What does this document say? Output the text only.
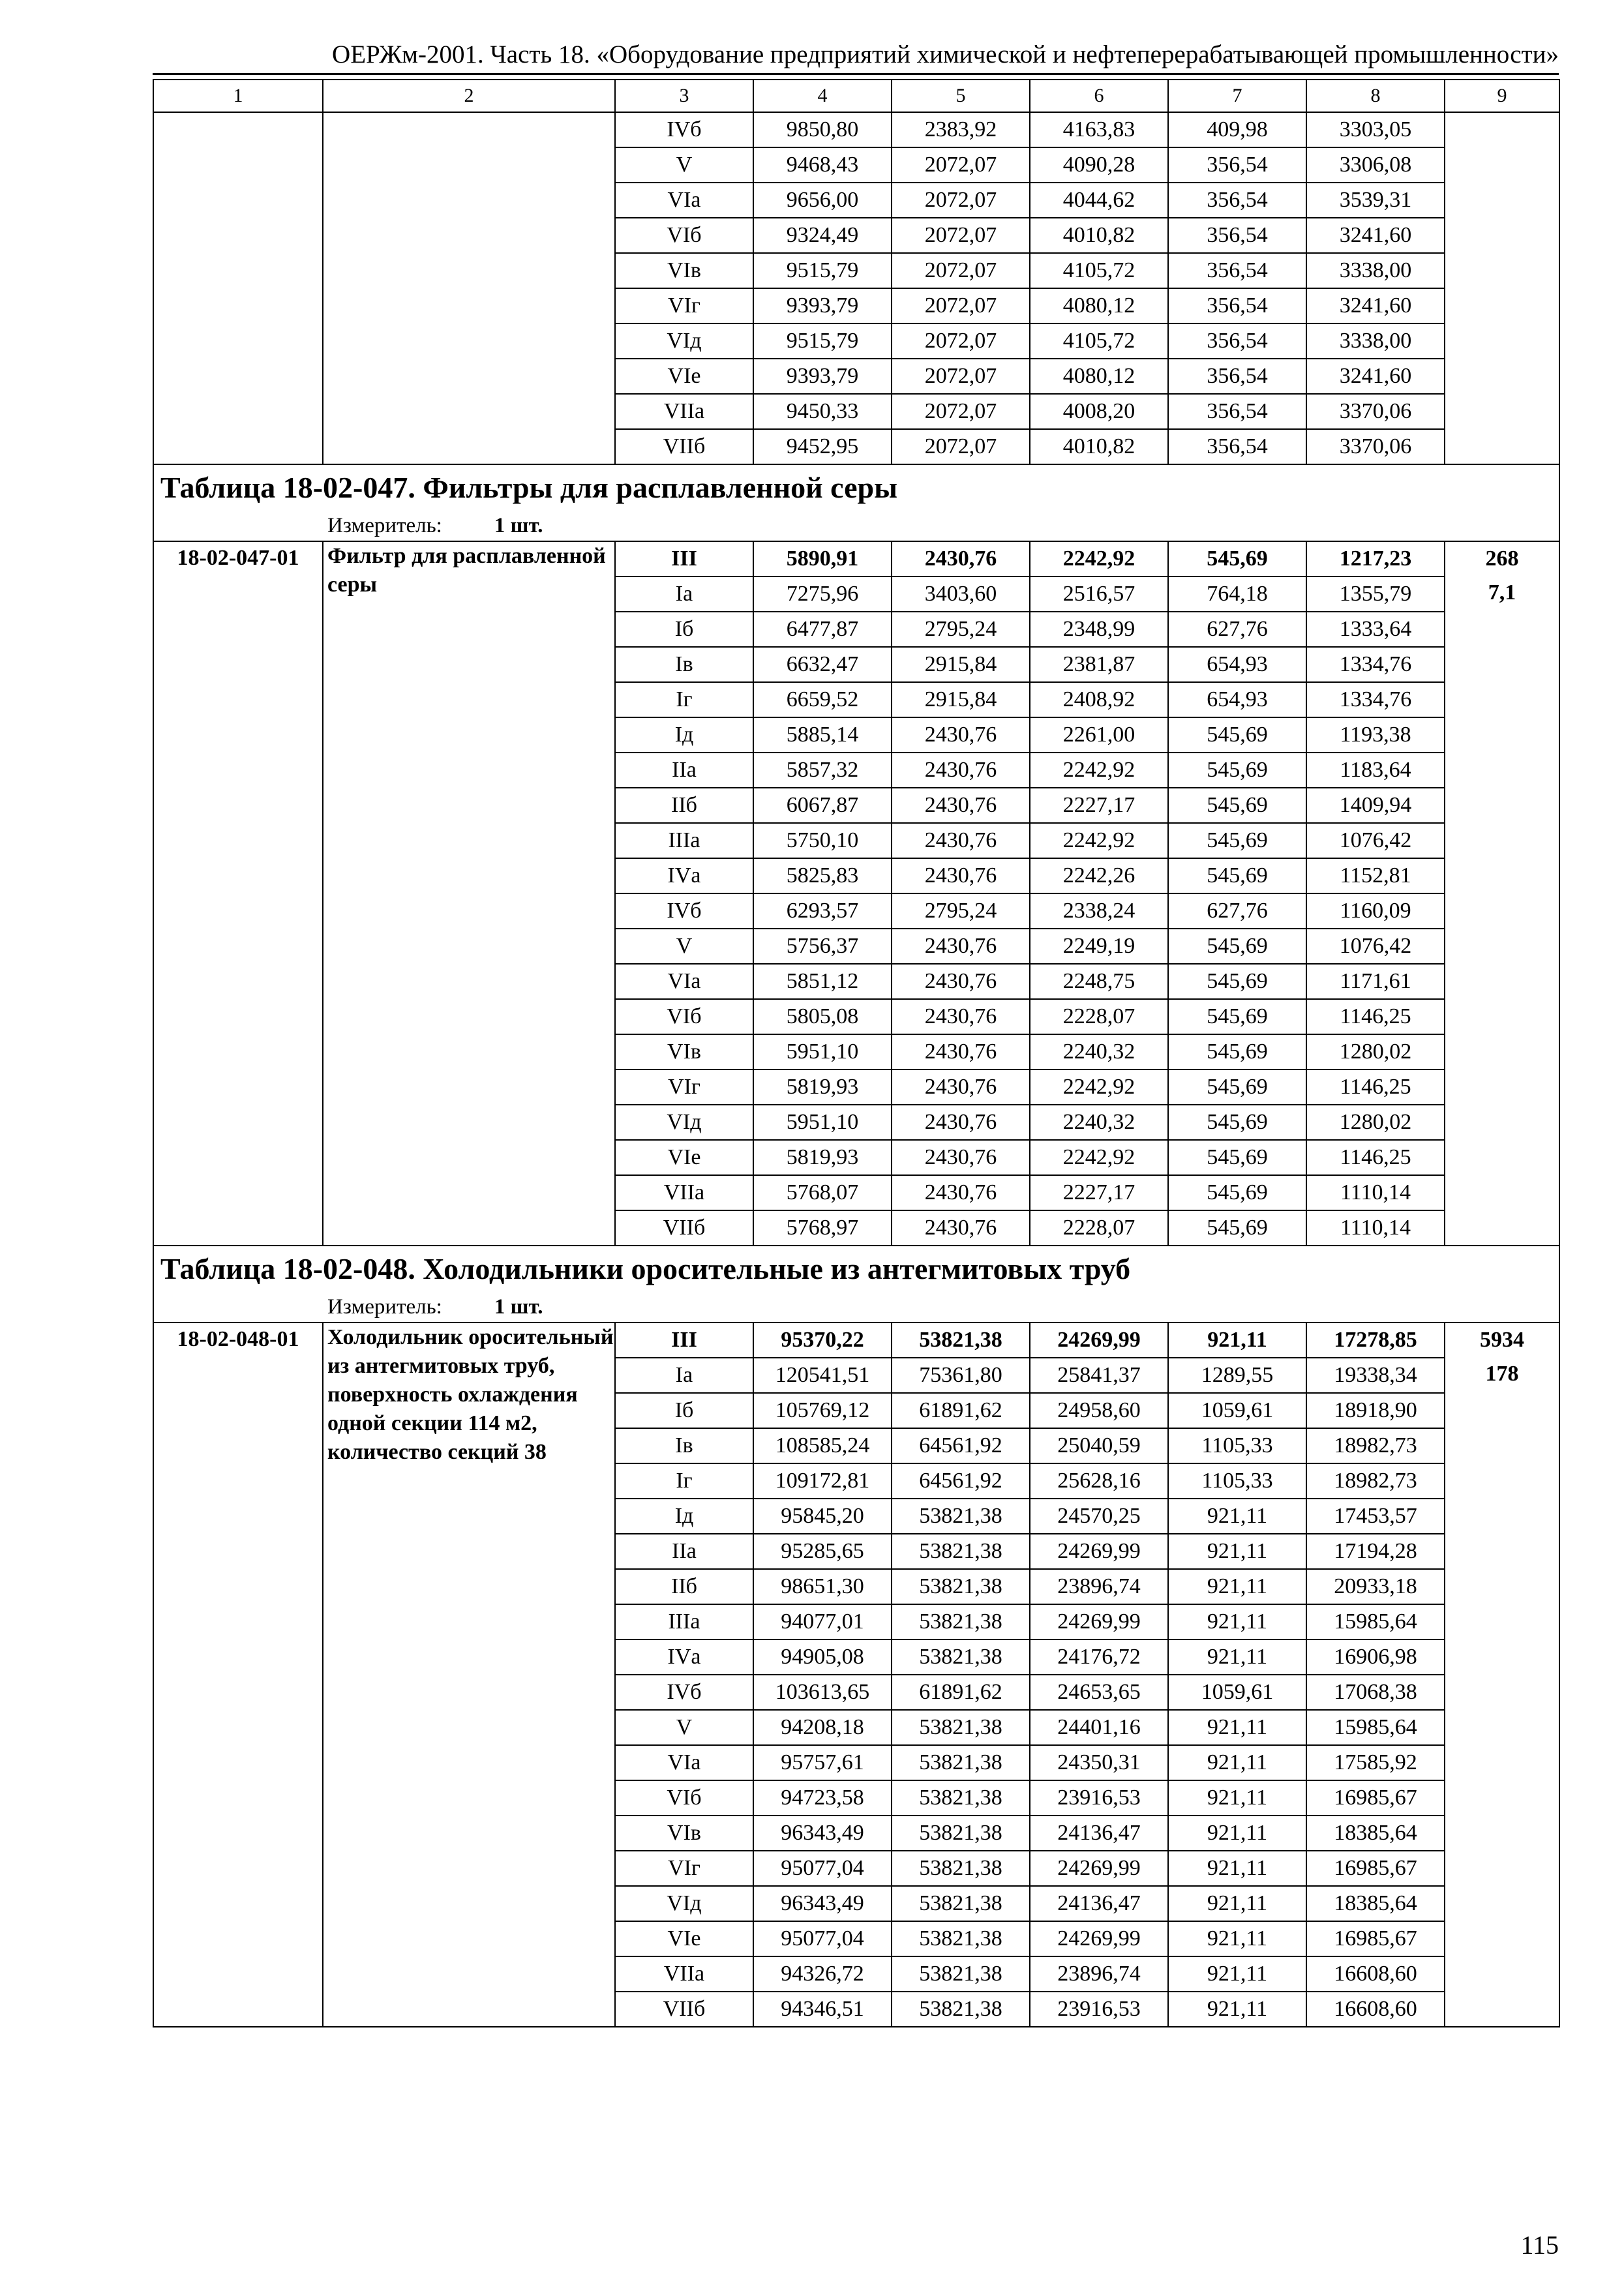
ОЕРЖм-2001. Часть 18. «Оборудование предприятий химической и нефтеперерабатывающей промышленности»
1	2	3	4	5	6	7	8	9
		IVб	9850,80	2383,92	4163,83	409,98	3303,05	
		V	9468,43	2072,07	4090,28	356,54	3306,08	
		VIа	9656,00	2072,07	4044,62	356,54	3539,31	
		VIб	9324,49	2072,07	4010,82	356,54	3241,60	
		VIв	9515,79	2072,07	4105,72	356,54	3338,00	
		VIг	9393,79	2072,07	4080,12	356,54	3241,60	
		VIд	9515,79	2072,07	4105,72	356,54	3338,00	
		VIе	9393,79	2072,07	4080,12	356,54	3241,60	
		VIIа	9450,33	2072,07	4008,20	356,54	3370,06	
		VIIб	9452,95	2072,07	4010,82	356,54	3370,06	
Таблица 18-02-047. Фильтры для расплавленной серы								
Измеритель: 1 шт.								
18-02-047-01	Фильтр для расплавленной серы	III	5890,91	2430,76	2242,92	545,69	1217,23	268
7,1

		Iа	7275,96	3403,60	2516,57	764,18	1355,79	
		Iб	6477,87	2795,24	2348,99	627,76	1333,64	
		Iв	6632,47	2915,84	2381,87	654,93	1334,76	
		Iг	6659,52	2915,84	2408,92	654,93	1334,76	
		Iд	5885,14	2430,76	2261,00	545,69	1193,38	
		IIа	5857,32	2430,76	2242,92	545,69	1183,64	
		IIб	6067,87	2430,76	2227,17	545,69	1409,94	
		IIIа	5750,10	2430,76	2242,92	545,69	1076,42	
		IVа	5825,83	2430,76	2242,26	545,69	1152,81	
		IVб	6293,57	2795,24	2338,24	627,76	1160,09	
		V	5756,37	2430,76	2249,19	545,69	1076,42	
		VIа	5851,12	2430,76	2248,75	545,69	1171,61	
		VIб	5805,08	2430,76	2228,07	545,69	1146,25	
		VIв	5951,10	2430,76	2240,32	545,69	1280,02	
		VIг	5819,93	2430,76	2242,92	545,69	1146,25	
		VIд	5951,10	2430,76	2240,32	545,69	1280,02	
		VIе	5819,93	2430,76	2242,92	545,69	1146,25	
		VIIа	5768,07	2430,76	2227,17	545,69	1110,14	
		VIIб	5768,97	2430,76	2228,07	545,69	1110,14	
Таблица 18-02-048. Холодильники оросительные из антегмитовых труб								
Измеритель: 1 шт.								
18-02-048-01	Холодильник оросительный из антегмитовых труб, поверхность охлаждения одной секции 114 м2, количество секций 38	III	95370,22	53821,38	24269,99	921,11	17278,85	5934
178

		Iа	120541,51	75361,80	25841,37	1289,55	19338,34	
		Iб	105769,12	61891,62	24958,60	1059,61	18918,90	
		Iв	108585,24	64561,92	25040,59	1105,33	18982,73	
		Iг	109172,81	64561,92	25628,16	1105,33	18982,73	
		Iд	95845,20	53821,38	24570,25	921,11	17453,57	
		IIа	95285,65	53821,38	24269,99	921,11	17194,28	
		IIб	98651,30	53821,38	23896,74	921,11	20933,18	
		IIIа	94077,01	53821,38	24269,99	921,11	15985,64	
		IVа	94905,08	53821,38	24176,72	921,11	16906,98	
		IVб	103613,65	61891,62	24653,65	1059,61	17068,38	
		V	94208,18	53821,38	24401,16	921,11	15985,64	
		VIа	95757,61	53821,38	24350,31	921,11	17585,92	
		VIб	94723,58	53821,38	23916,53	921,11	16985,67	
		VIв	96343,49	53821,38	24136,47	921,11	18385,64	
		VIг	95077,04	53821,38	24269,99	921,11	16985,67	
		VIд	96343,49	53821,38	24136,47	921,11	18385,64	
		VIе	95077,04	53821,38	24269,99	921,11	16985,67	
		VIIа	94326,72	53821,38	23896,74	921,11	16608,60	
		VIIб	94346,51	53821,38	23916,53	921,11	16608,60	
115
